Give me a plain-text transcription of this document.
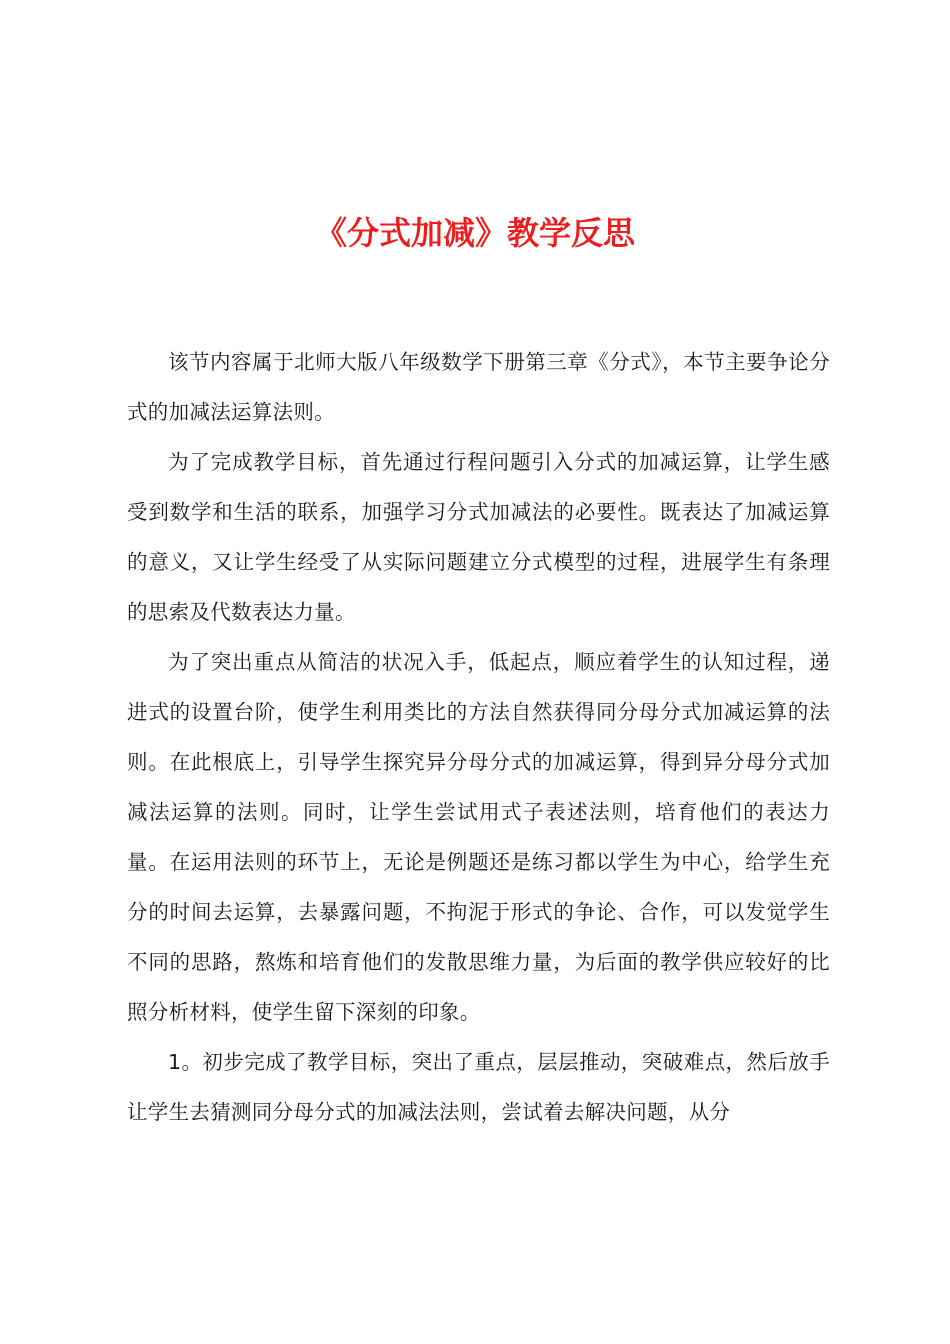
《分式加减》教学反思

该节内容属于北师大版八年级数学下册第三章《分式》，本节主要争论分式的加减法运算法则。

为了完成教学目标，首先通过行程问题引入分式的加减运算，让学生感受到数学和生活的联系，加强学习分式加减法的必要性。既表达了加减运算的意义，又让学生经受了从实际问题建立分式模型的过程，进展学生有条理的思索及代数表达力量。

为了突出重点从简洁的状况入手，低起点，顺应着学生的认知过程，递进式的设置台阶，使学生利用类比的方法自然获得同分母分式加减运算的法则。在此根底上，引导学生探究异分母分式的加减运算，得到异分母分式加减法运算的法则。同时，让学生尝试用式子表述法则，培育他们的表达力量。在运用法则的环节上，无论是例题还是练习都以学生为中心，给学生充分的时间去运算，去暴露问题，不拘泥于形式的争论、合作，可以发觉学生不同的思路，熬炼和培育他们的发散思维力量，为后面的教学供应较好的比照分析材料，使学生留下深刻的印象。

1。初步完成了教学目标，突出了重点，层层推动，突破难点，然后放手让学生去猜测同分母分式的加减法法则，尝试着去解决问题，从分
